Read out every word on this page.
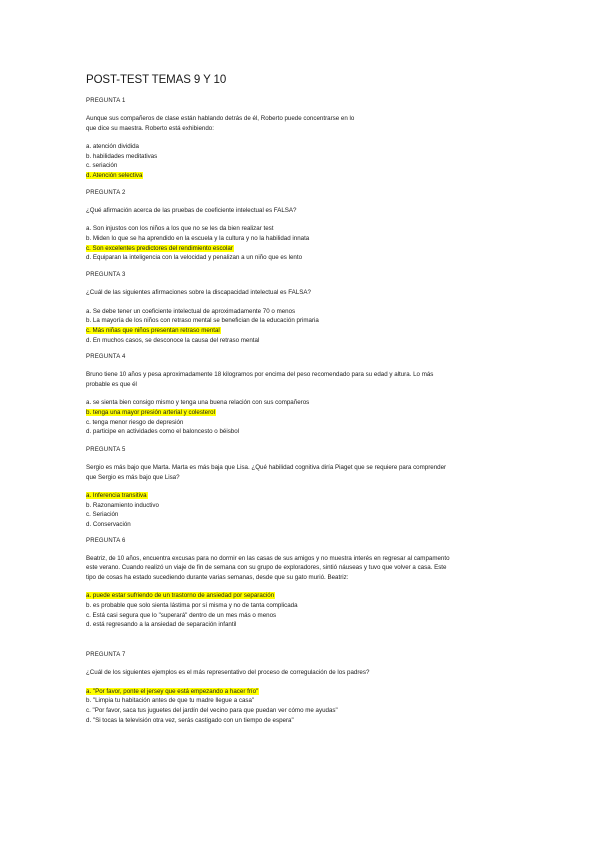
POST-TEST TEMAS 9 Y 10
PREGUNTA 1
Aunque sus compañeros de clase están hablando detrás de él, Roberto puede concentrarse en lo
que dice su maestra. Roberto está exhibiendo:
a. atención dividida
b. habilidades meditativas
c. seriación
d. Atención selectiva
PREGUNTA 2
¿Qué afirmación acerca de las pruebas de coeficiente intelectual es FALSA?
a. Son injustos con los niños a los que no se les da bien realizar test
b. Miden lo que se ha aprendido en la escuela y la cultura y no la habilidad innata
c. Son excelentes predictores del rendimiento escolar
d. Equiparan la inteligencia con la velocidad y penalizan a un niño que es lento
PREGUNTA 3
¿Cuál de las siguientes afirmaciones sobre la discapacidad intelectual es FALSA?
a. Se debe tener un coeficiente intelectual de aproximadamente 70 o menos
b. La mayoría de los niños con retraso mental se benefician de la educación primaria
c. Más niñas que niños presentan retraso mental
d. En muchos casos, se desconoce la causa del retraso mental
PREGUNTA 4
Bruno tiene 10 años y pesa aproximadamente 18 kilogramos por encima del peso recomendado para su edad y altura. Lo más
probable es que él
a. se sienta bien consigo mismo y tenga una buena relación con sus compañeros
b. tenga una mayor presión arterial y colesterol
c. tenga menor riesgo de depresión
d. participe en actividades como el baloncesto o béisbol
PREGUNTA 5
Sergio es más bajo que Marta. Marta es más baja que Lisa. ¿Qué habilidad cognitiva diría Piaget que se requiere para comprender
que Sergio es más bajo que Lisa?
a. Inferencia transitiva
b. Razonamiento inductivo
c. Seriación
d. Conservación
PREGUNTA 6
Beatriz, de 10 años, encuentra excusas para no dormir en las casas de sus amigos y no muestra interés en regresar al campamento
este verano. Cuando realizó un viaje de fin de semana con su grupo de exploradores, sintió náuseas y tuvo que volver a casa. Este
tipo de cosas ha estado sucediendo durante varias semanas, desde que su gato murió. Beatriz:
a. puede estar sufriendo de un trastorno de ansiedad por separación
b. es probable que solo sienta lástima por sí misma y no de tanta complicada
c. Está casi segura que lo "superará" dentro de un mes más o menos
d. está regresando a la ansiedad de separación infantil
PREGUNTA 7
¿Cuál de los siguientes ejemplos es el más representativo del proceso de corregulación de los padres?
a. "Por favor, ponte el jersey que está empezando a hacer frío"
b. "Limpia tu habitación antes de que tu madre llegue a casa"
c. "Por favor, saca tus juguetes del jardín del vecino para que puedan ver cómo me ayudas"
d. "Si tocas la televisión otra vez, serás castigado con un tiempo de espera"
